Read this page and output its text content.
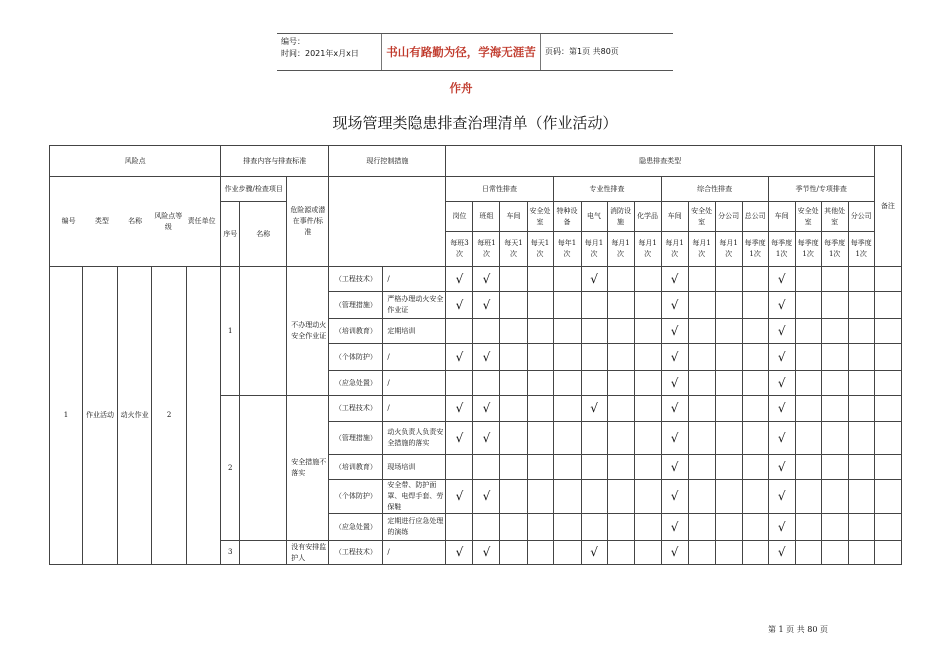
编号：
时间：2021年x月x日	书山有路勤为径，学海无涯苦作舟
页码：第1页 共80页
现场管理类隐患排查治理清单（作业活动）
风险点	排查内容与排查标准	现行控制措施	隐患排查类型	备注

编号	类型	名称	风险点等级	责任单位
	作业步骤/检查项目	危险源或潜在事件/标准		日常性排查	专业性排查	综合性排查	季节性/专项排查
序号	名称	岗位	班组	车间	安全处室	特种设备	电气	消防设施	化学品	车间	安全处室	分公司	总公司	车间	安全处室	其他处室	分公司
每班3次	每班1次	每天1次	每天1次	每年1次	每月1次	每月1次	每月1次	每月1次	每月1次	每月1次	每季度1次	每季度1次	每季度1次	每季度1次	每季度1次
1	作业活动	动火作业	2		1		不办理动火安全作业证	（工程技术）	/	√	√				√			√				√				
（管理措施）	严格办理动火安全作业证	√	√							√				√				
（培训教育）	定期培训									√				√				
（个体防护）	/	√	√							√				√				
（应急处置）	/									√				√				
2		安全措施不落实	（工程技术）	/	√	√				√			√				√				
（管理措施）	动火负责人负责安全措施的落实	√	√							√				√				
（培训教育）	现场培训									√				√				
（个体防护）	安全带、防护面罩、电焊手套、劳保鞋	√	√							√				√				
（应急处置）	定期进行应急处理的演练									√				√				
3		没有安排监护人	（工程技术）	/	√	√				√			√				√				
第 1 页 共 80 页
